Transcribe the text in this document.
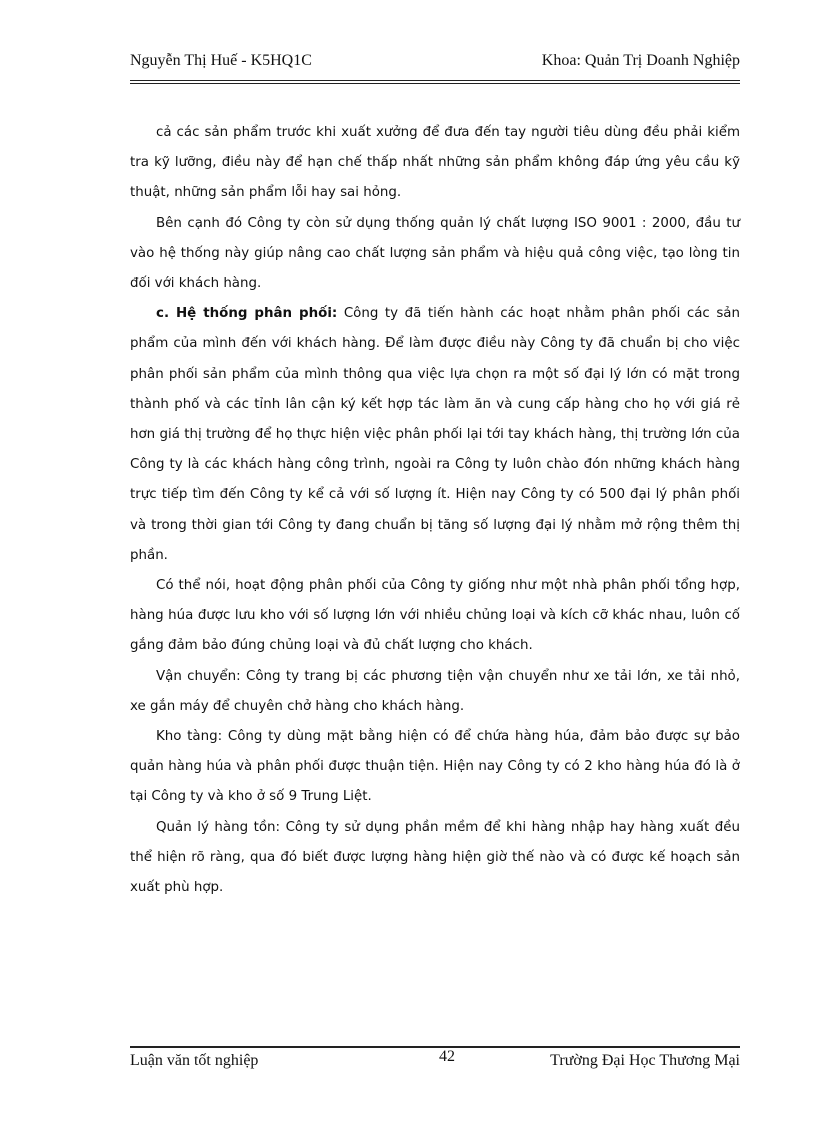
Nguyễn Thị Huế - K5HQ1C	Khoa: Quản Trị Doanh Nghiệp

cả các sản phẩm trước khi xuất xưởng để đưa đến tay người tiêu dùng đều phải kiểm tra kỹ lưỡng, điều này để hạn chế thấp nhất những sản phẩm không đáp ứng yêu cầu kỹ thuật, những sản phẩm lỗi hay sai hỏng.

Bên cạnh đó Công ty còn sử dụng thống quản lý chất lượng ISO 9001 : 2000, đầu tư vào hệ thống này giúp nâng cao chất lượng sản phẩm và hiệu quả công việc, tạo lòng tin đối với khách hàng.

c. Hệ thống phân phối: Công ty đã tiến hành các hoạt nhằm phân phối các sản phẩm của mình đến với khách hàng. Để làm được điều này Công ty đã chuẩn bị cho việc phân phối sản phẩm của mình thông qua việc lựa chọn ra một số đại lý lớn có mặt trong thành phố và các tỉnh lân cận ký kết hợp tác làm ăn và cung cấp hàng cho họ với giá rẻ hơn giá thị trường để họ thực hiện việc phân phối lại tới tay khách hàng, thị trường lớn của Công ty là các khách hàng công trình, ngoài ra Công ty luôn chào đón những khách hàng trực tiếp tìm đến Công ty kể cả với số lượng ít. Hiện nay Công ty có 500 đại lý phân phối và trong thời gian tới Công ty đang chuẩn bị tăng số lượng đại lý nhằm mở rộng thêm thị phần.

Có thể nói, hoạt động phân phối của Công ty giống như một nhà phân phối tổng hợp, hàng húa được lưu kho với số lượng lớn với nhiều chủng loại và kích cỡ khác nhau, luôn cố gắng đảm bảo đúng chủng loại và đủ chất lượng cho khách.

Vận chuyển: Công ty trang bị các phương tiện vận chuyển như xe tải lớn, xe tải nhỏ, xe gắn máy để chuyên chở hàng cho khách hàng.

Kho tàng: Công ty dùng mặt bằng hiện có để chứa hàng húa, đảm bảo được sự bảo quản hàng húa và phân phối được thuận tiện. Hiện nay Công ty có 2 kho hàng húa đó là ở tại Công ty và kho ở số 9 Trung Liệt.

Quản lý hàng tồn: Công ty sử dụng phần mềm để khi hàng nhập hay hàng xuất đều thể hiện rõ ràng, qua đó biết được lượng hàng hiện giờ thế nào và có được kế hoạch sản xuất phù hợp.

Luận văn tốt nghiệp	42	Trường Đại Học Thương Mại
